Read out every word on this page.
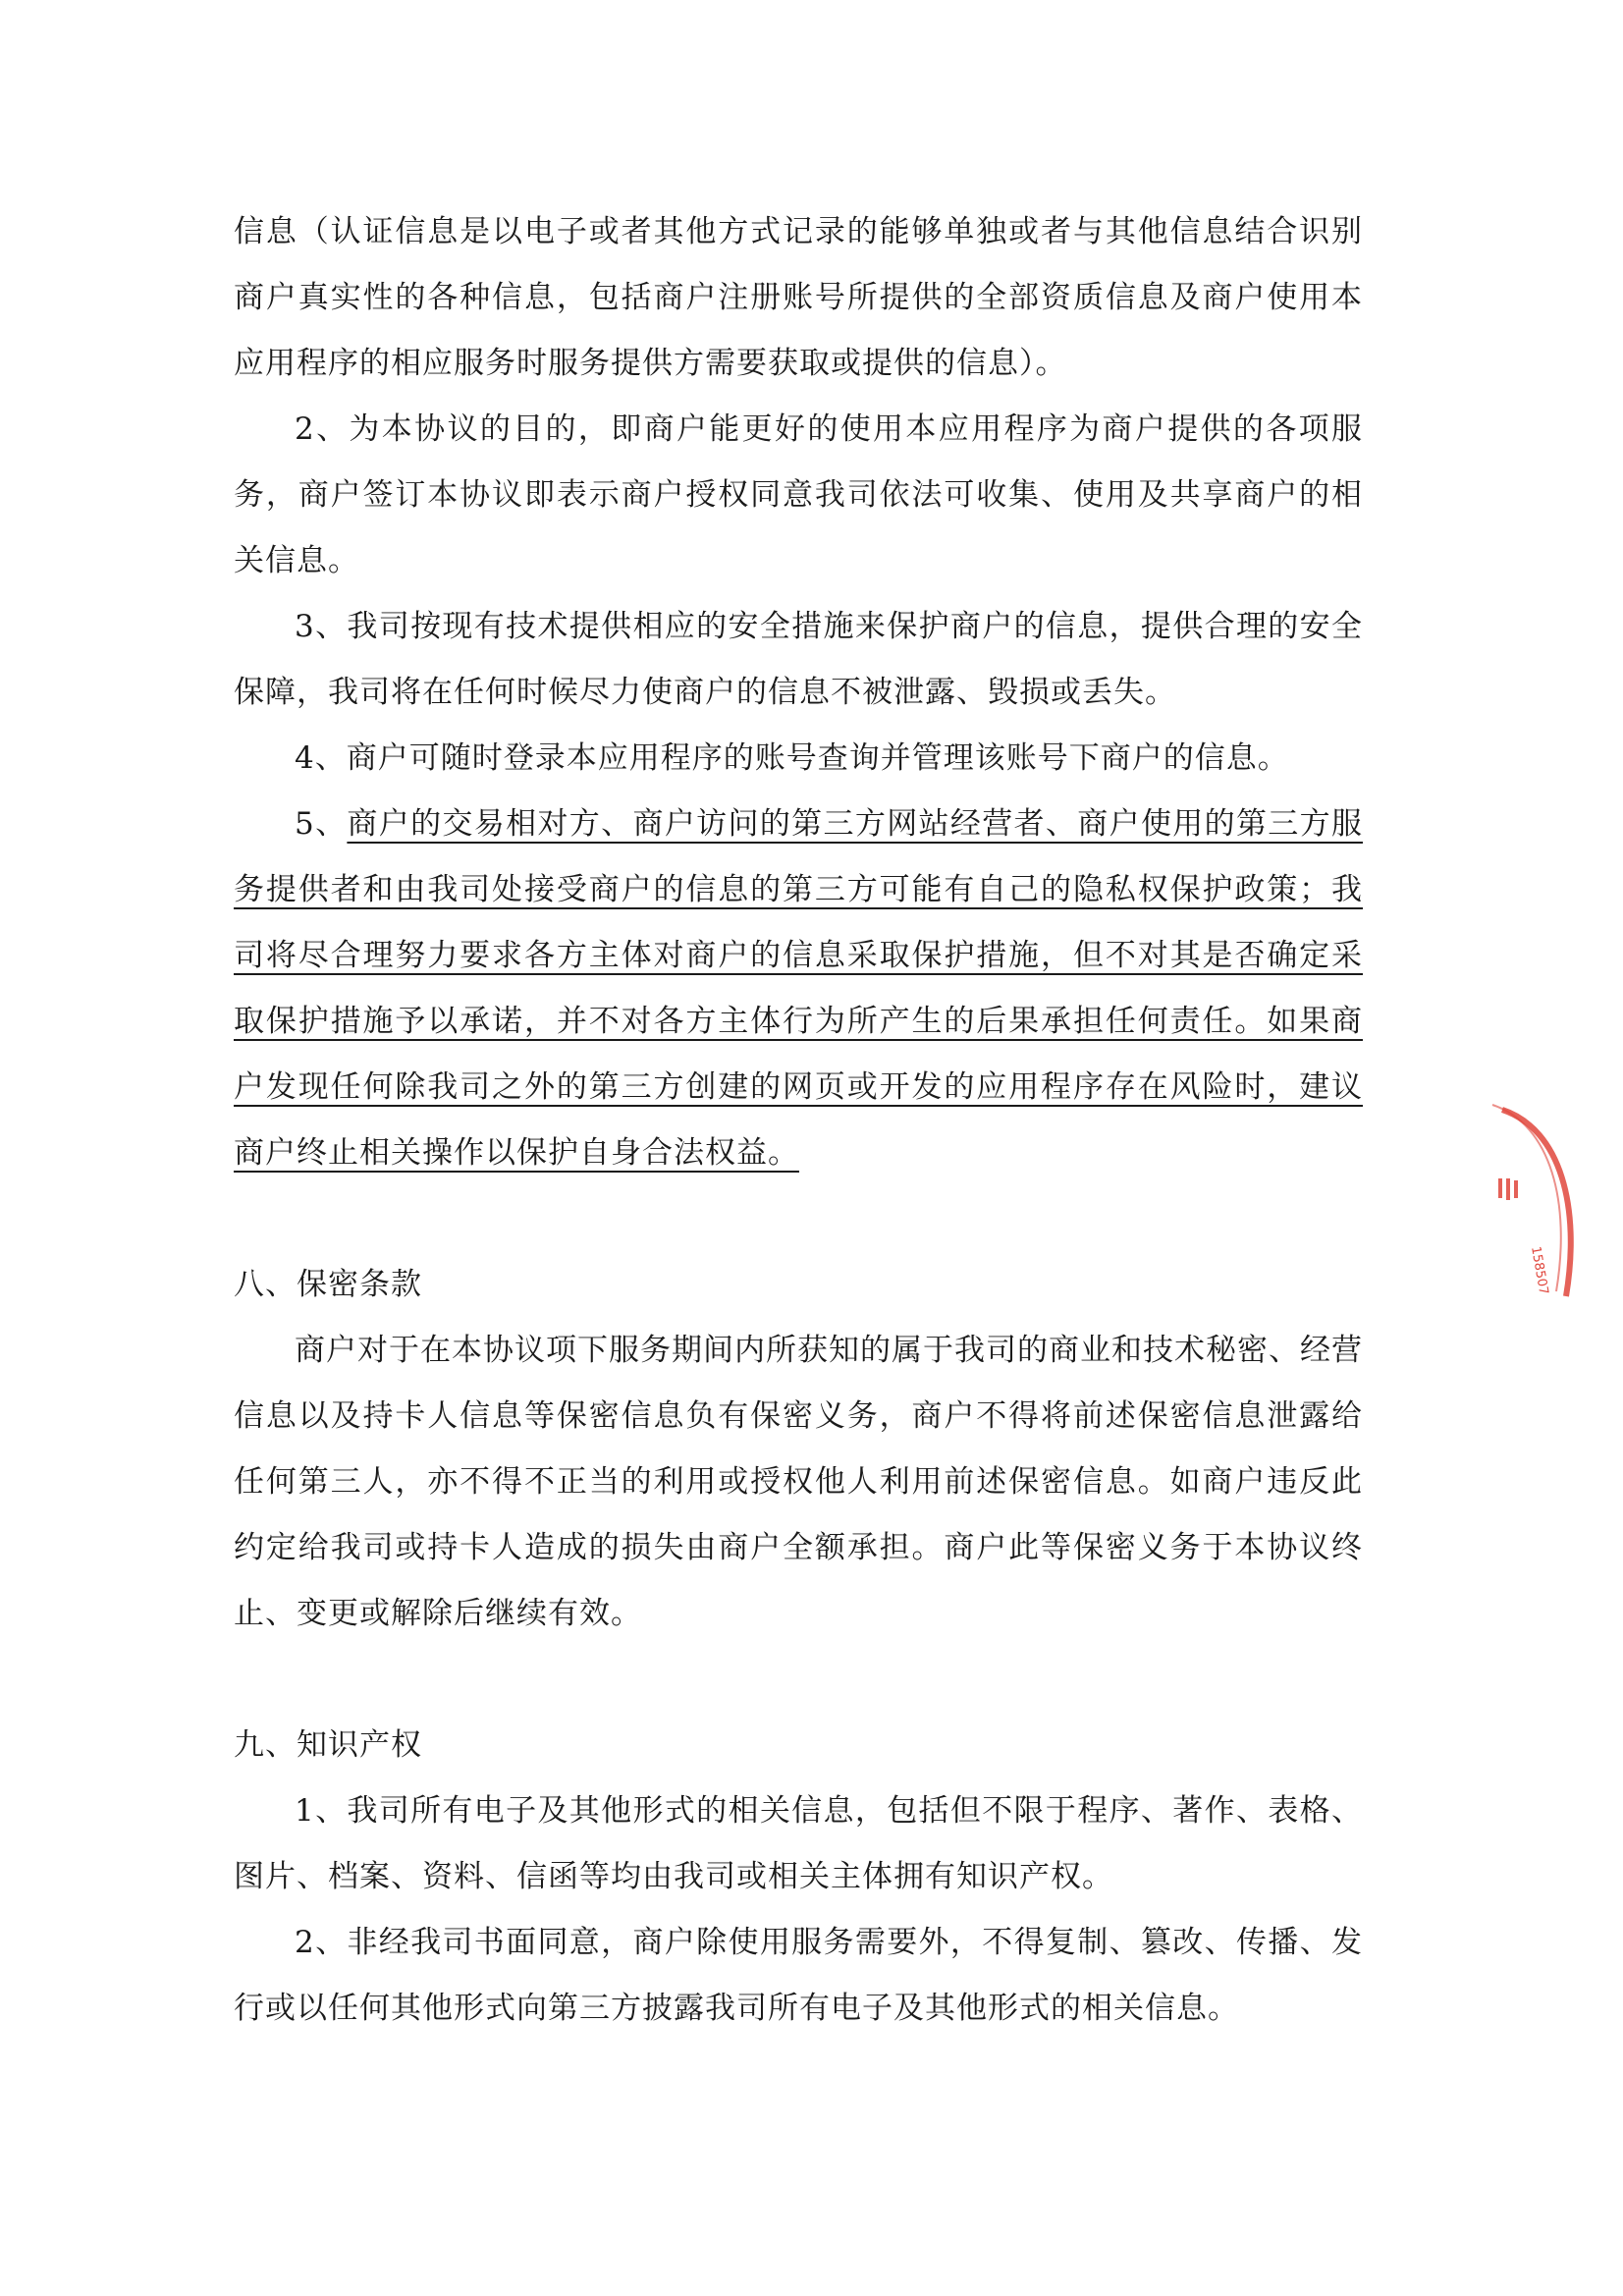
信息（认证信息是以电子或者其他方式记录的能够单独或者与其他信息结合识别商户真实性的各种信息，包括商户注册账号所提供的全部资质信息及商户使用本应用程序的相应服务时服务提供方需要获取或提供的信息）。

2、为本协议的目的，即商户能更好的使用本应用程序为商户提供的各项服务，商户签订本协议即表示商户授权同意我司依法可收集、使用及共享商户的相关信息。

3、我司按现有技术提供相应的安全措施来保护商户的信息，提供合理的安全保障，我司将在任何时候尽力使商户的信息不被泄露、毁损或丢失。

4、商户可随时登录本应用程序的账号查询并管理该账号下商户的信息。

5、商户的交易相对方、商户访问的第三方网站经营者、商户使用的第三方服务提供者和由我司处接受商户的信息的第三方可能有自己的隐私权保护政策；我司将尽合理努力要求各方主体对商户的信息采取保护措施，但不对其是否确定采取保护措施予以承诺，并不对各方主体行为所产生的后果承担任何责任。如果商户发现任何除我司之外的第三方创建的网页或开发的应用程序存在风险时，建议商户终止相关操作以保护自身合法权益。

八、保密条款

商户对于在本协议项下服务期间内所获知的属于我司的商业和技术秘密、经营信息以及持卡人信息等保密信息负有保密义务，商户不得将前述保密信息泄露给任何第三人，亦不得不正当的利用或授权他人利用前述保密信息。如商户违反此约定给我司或持卡人造成的损失由商户全额承担。商户此等保密义务于本协议终止、变更或解除后继续有效。

九、知识产权

1、我司所有电子及其他形式的相关信息，包括但不限于程序、著作、表格、图片、档案、资料、信函等均由我司或相关主体拥有知识产权。

2、非经我司书面同意，商户除使用服务需要外，不得复制、篡改、传播、发行或以任何其他形式向第三方披露我司所有电子及其他形式的相关信息。

158507
